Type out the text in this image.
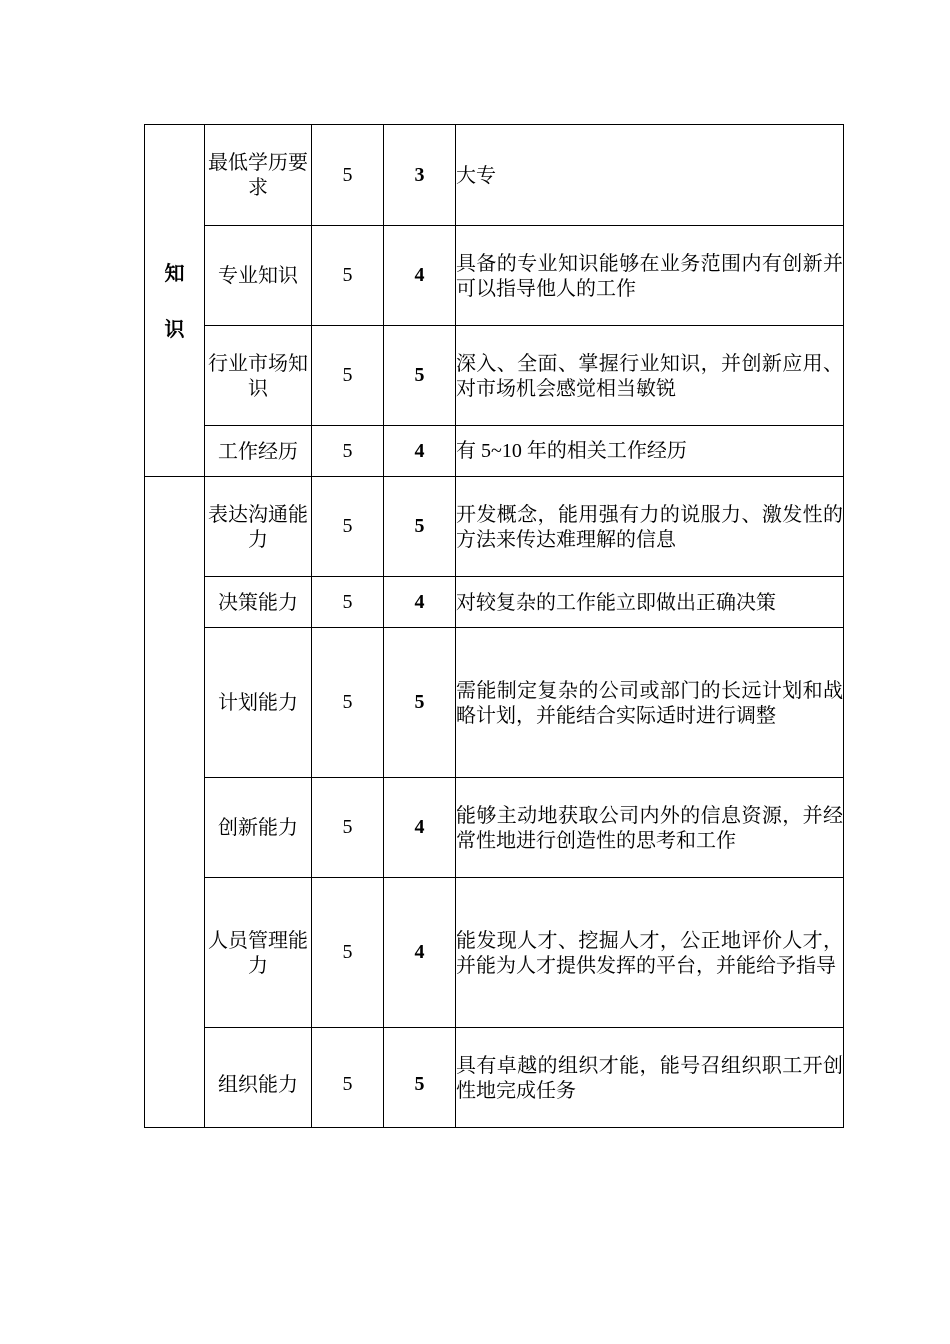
知
识	最低学历要求	5	3	大专
	专业知识	5	4	具备的专业知识能够在业务范围内有创新并可以指导他人的工作
	行业市场知识	5	5	深入、全面、掌握行业知识，并创新应用、对市场机会感觉相当敏锐
	工作经历	5	4	有 5~10 年的相关工作经历
	表达沟通能力	5	5	开发概念，能用强有力的说服力、激发性的方法来传达难理解的信息
	决策能力	5	4	对较复杂的工作能立即做出正确决策
	计划能力	5	5	需能制定复杂的公司或部门的长远计划和战略计划，并能结合实际适时进行调整
	创新能力	5	4	能够主动地获取公司内外的信息资源，并经常性地进行创造性的思考和工作
	人员管理能力	5	4	能发现人才、挖掘人才，公正地评价人才，并能为人才提供发挥的平台，并能给予指导

	组织能力	5	5	具有卓越的组织才能，能号召组织职工开创性地完成任务
